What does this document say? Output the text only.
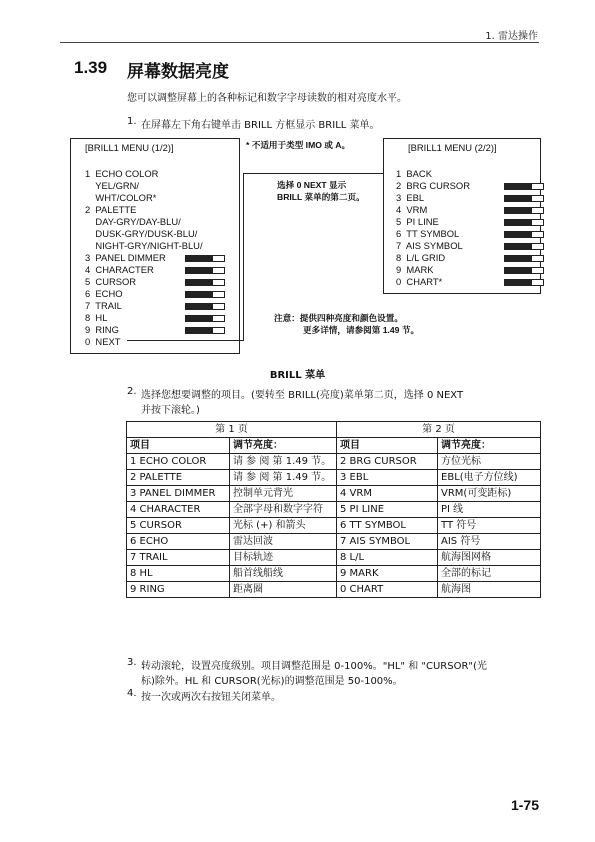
1. 雷达操作
1.39 屏幕数据亮度
您可以调整屏幕上的各种标记和数字字母读数的相对亮度水平。
1. 在屏幕左下角右键单击 BRILL 方框显示 BRILL 菜单。
[BRILL1 MENU (1/2)]
1  ECHO COLOR
YEL/GRN/
WHT/COLOR*
2  PALETTE
DAY-GRY/DAY-BLU/
DUSK-GRY/DUSK-BLU/
NIGHT-GRY/NIGHT-BLU/
3  PANEL DIMMER
4  CHARACTER
5  CURSOR
6  ECHO
7  TRAIL
8  HL
9  RING
0  NEXT
* 不适用于类型 IMO 或 A。
选择 0 NEXT 显示
BRILL 菜单的第二页。
[BRILL1 MENU (2/2)]
1  BACK
2  BRG CURSOR
3  EBL
4  VRM
5  PI LINE
6  TT SYMBOL
7  AIS SYMBOL
8  L/L GRID
9  MARK
0  CHART*
注意：提供四种亮度和颜色设置。
更多详情，请参阅第 1.49 节。
BRILL 菜单
2. 选择您想要调整的项目。(要转至 BRILL(亮度)菜单第二页，选择 0 NEXT
并按下滚轮。)
第 1 页		第 2 页	
项目	调节亮度：	项目	调节亮度：
1 ECHO COLOR	请 参 阅 第 1.49 节。	2 BRG CURSOR	方位光标
2 PALETTE	请 参 阅 第 1.49 节。	3 EBL	EBL(电子方位线)
3 PANEL DIMMER	控制单元背光	4 VRM	VRM(可变距标)
4 CHARACTER	全部字母和数字字符	5 PI LINE	PI 线
5 CURSOR	光标 (+) 和箭头	6 TT SYMBOL	TT 符号
6 ECHO	雷达回波	7 AIS SYMBOL	AIS 符号
7 TRAIL	目标轨迹	8 L/L	航海图网格
8 HL	船首线船线	9 MARK	全部的标记
9 RING	距离圈	0 CHART	航海图
3. 转动滚轮，设置亮度级别。项目调整范围是 0-100%。"HL" 和 "CURSOR"(光
标)除外。HL 和 CURSOR(光标)的调整范围是 50-100%。
4. 按一次或两次右按钮关闭菜单。
1-75
